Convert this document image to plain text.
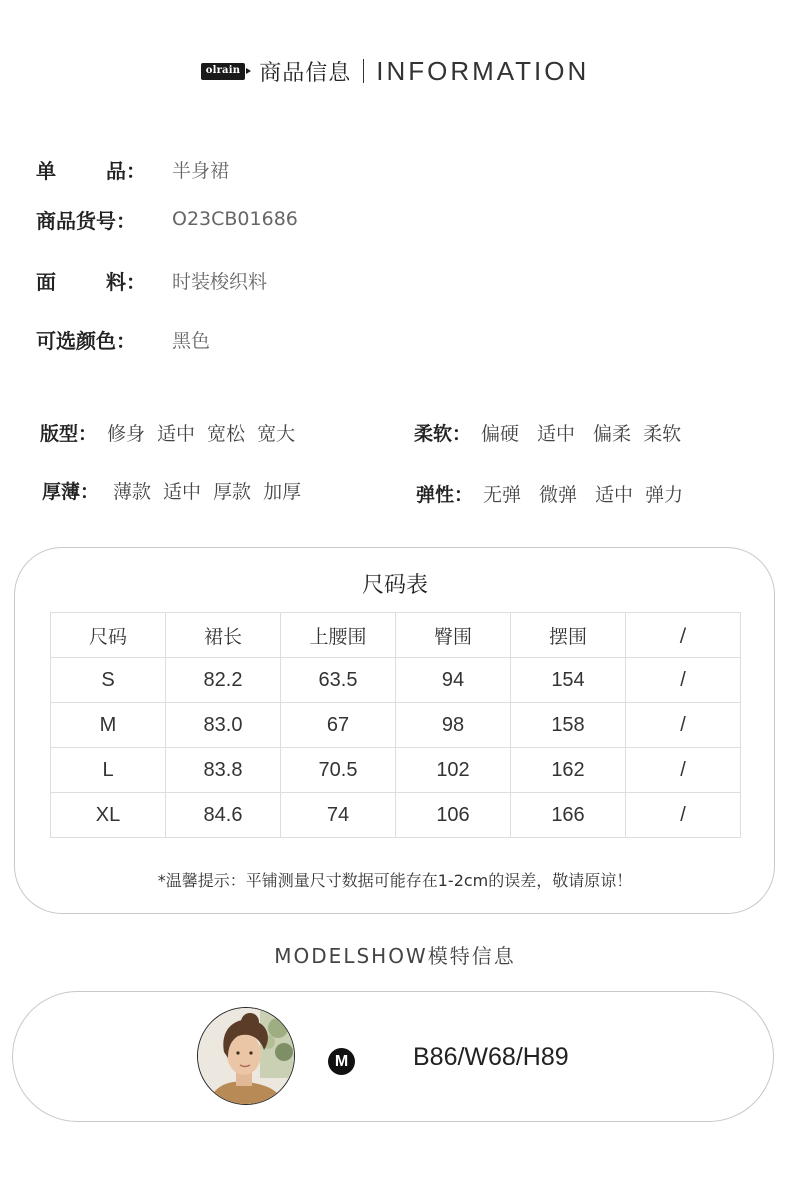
olrain 商品信息 INFORMATION
单	品： 半身裙
商品货号：	O23CB01686
面	料： 时装梭织料
可选颜色：	黑色
版型： 修身 适中 宽松 宽大	柔软： 偏硬 适中 偏柔 柔软
厚薄： 薄款 适中 厚款 加厚	弹性： 无弹 微弹 适中 弹力
尺码表
尺码	裙长	上腰围	臀围	摆围	/
S	82.2	63.5	94	154	/
M	83.0	67	98	158	/
L	83.8	70.5	102	162	/
XL	84.6	74	106	166	/
*温馨提示：平铺测量尺寸数据可能存在1-2cm的误差，敬请原谅！
MODELSHOW模特信息
M	B86/W68/H89
